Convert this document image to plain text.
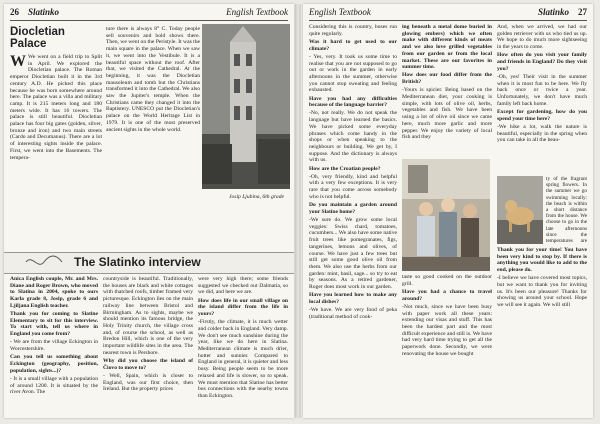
26 Slatinko	English Textbook
Diocletian Palace

W We went on a field trip to Split in April. We explored the Diocletian palace. The Roman emperor Diocletian built it in the 3rd century A.D. He picked this place because he was born somewhere around here. The palace was a villa and military camp. It is 215 meters long and 180 meters wide. It has 16 towers. The palace is still beautiful. Diocletian palace has four big gates (golden, silver, bronze and iron) and two main streets (Cardo and Decumanus). There are a lot of interesting sights inside the palace. First, we went into the Basements. The tempera-

ture there is always 8° C. Today people sell souvenirs and hold shows there. Then, we went on the Peristyle. It was the main square in the palace. When we saw it, we went into the Vestibule. It is a beautiful space without the roof. After that, we visited the Cathedral. At the beginning, it was the Diocletian mausoleum and tomb but the Christians transformed it into the Cathedral. We also saw the Jupiter's temple. When the Christians came they changed it into the Baptistery. UNESCO put the Diocletian's palace on the World Heritage List in 1979. It is one of the most preserved ancient sights in the whole world.

Josip Ljubina, 6th grade
The Slatinko interview

Anica English couple, Mr. and Mrs. Diane and Roger Brown, who moved to Slatina in 2004, spoke to ours Karla grade 8, Josip, grade 6 and Ljiljana English teacher.

Thank you for coming to Slatine Elementary to sit for this interview. To start with, tell us where in England you come from?

- We are from the village Eckington in Worcestershire.

Can you tell us something about Eckington (geography, position, population, sights...)?

- It is a small village with a population of around 1200. It is situated by the river Avon. The

countryside is beautiful. Traditionally, the houses are black and white cottages with thatched roofs, timber framed very picturesque. Eckington lies on the main railway line between Bristol and Birmingham. As to sights, maybe we should mention its famous bridge, the Holy Trinity church, the village cross and, of course the school, as well as Bredon Hill, which is one of the very important wildlife sites in the area. The nearest town is Pershore.

Why did you choose the island of Čiovo to move to?

- Well, Spain, which is closer to England, was our first choice, then Ireland. But the property prices

were very high there; some friends suggested we checked out Dalmatia, so we did, and here we are.

How does life in our small village on the island differ from the life in yours?

-Firstly, the climate, it is much wetter and colder back in England. Very damp. We don't see much sunshine during the year, like we do here in Slatina. Mediterranean climate is much drier, hotter and sunnier. Compared to England in general, it is quieter and less busy. Being people seem to be more relaxed and life is slower, so to speak. We must mention that Slatine has better bus connections with the nearby towns than Eckington.

English Textbook	Slatinko 27

Considering this is country, buses run quite regularly.

Was it hard to get used to our climate?

- Yes, very. It took us some time to realise that you are not supposed to go out or work in the garden in early afternoons in the summer, otherwise you cannot stop sweating and feeling exhausted.

Have you had any difficulties because of the language barrier?

-No, not really. We do not speak the language but have learned the basics. We have picked some everyday phrases which come handy in the shops or when speaking to the neighbours or building. We get by, I suppose. And the dictionary is always with us.

How are the Croatian people?

-Oh, very friendly, kind and helpful with a very few exceptions. It is very rare that you come across somebody who is not helpful.

Do you maintain a garden around your Slatine home?

-We sure do. We grow some local veggies: Swiss chard, tomatoes, cucumbers... We also have some native fruit trees like pomegranates, figs, tangerines, lemons and olives, of course. We have just a few trees but still get some good olive oil from them. We also use the herbs from our garden: mint, basil, sage... so try to eat by seasons. As a retired gardener, Roger does most work in our garden.

Have you learned how to make any local dishes?

-We have. We are very fond of peka (traditional method of cook-

ing beneath a metal dome buried in glowing embers) which we often make with different kinds of meats and we also love grilled vegetables from our garden or from the local market. These are our favorites in summer time.

How does our food differ from the British?

-Yours is spicier. Being based on the Mediterranean diet, your cooking is simple, with lots of olive oil, herbs, vegetables and fish. We have been using a lot of olive oil since we came here, much more garlic and more pepper. We enjoy the variety of local fish and they

taste so good cooked on the outdoor grill.

Have you had a chance to travel around?

-Not much, since we have been busy with paper work all these years: extending our visas and stuff. This has been the hardest part and the most difficult experience and still is. We have had very hard time trying to get all the paperwork done. Secondly, we were renovating the house we bought

And, when we arrived, we had our golden retriever with us who tied us up. We hope to do much more sightseeing in the years to come.

How often do you visit your family and friends in England? Do they visit you?

-Oh, yes! Their visit in the summer when it is most fun to be here. We fly back once or twice a year. Unfortunately, we don't have much family left back home.

Except for gardening, how do you spend your time here?

-We hike a lot, walk the nature is beautiful, especially in the spring when you can take in all the beau-

ty of the fragrant spring flowers. In the summer we go swimming locally: the beach is within a short distance from the house. We choose to go in the late afternoons since the temperatures are

Thank you for your time! You have been very kind to stop by. If there is anything you would like to add to the end, please do.

-I believe we have covered most topics, but we want to thank you for inviting us. It's been our pleasure! Thanks for showing us around your school. Hope we will see it again. We will still
